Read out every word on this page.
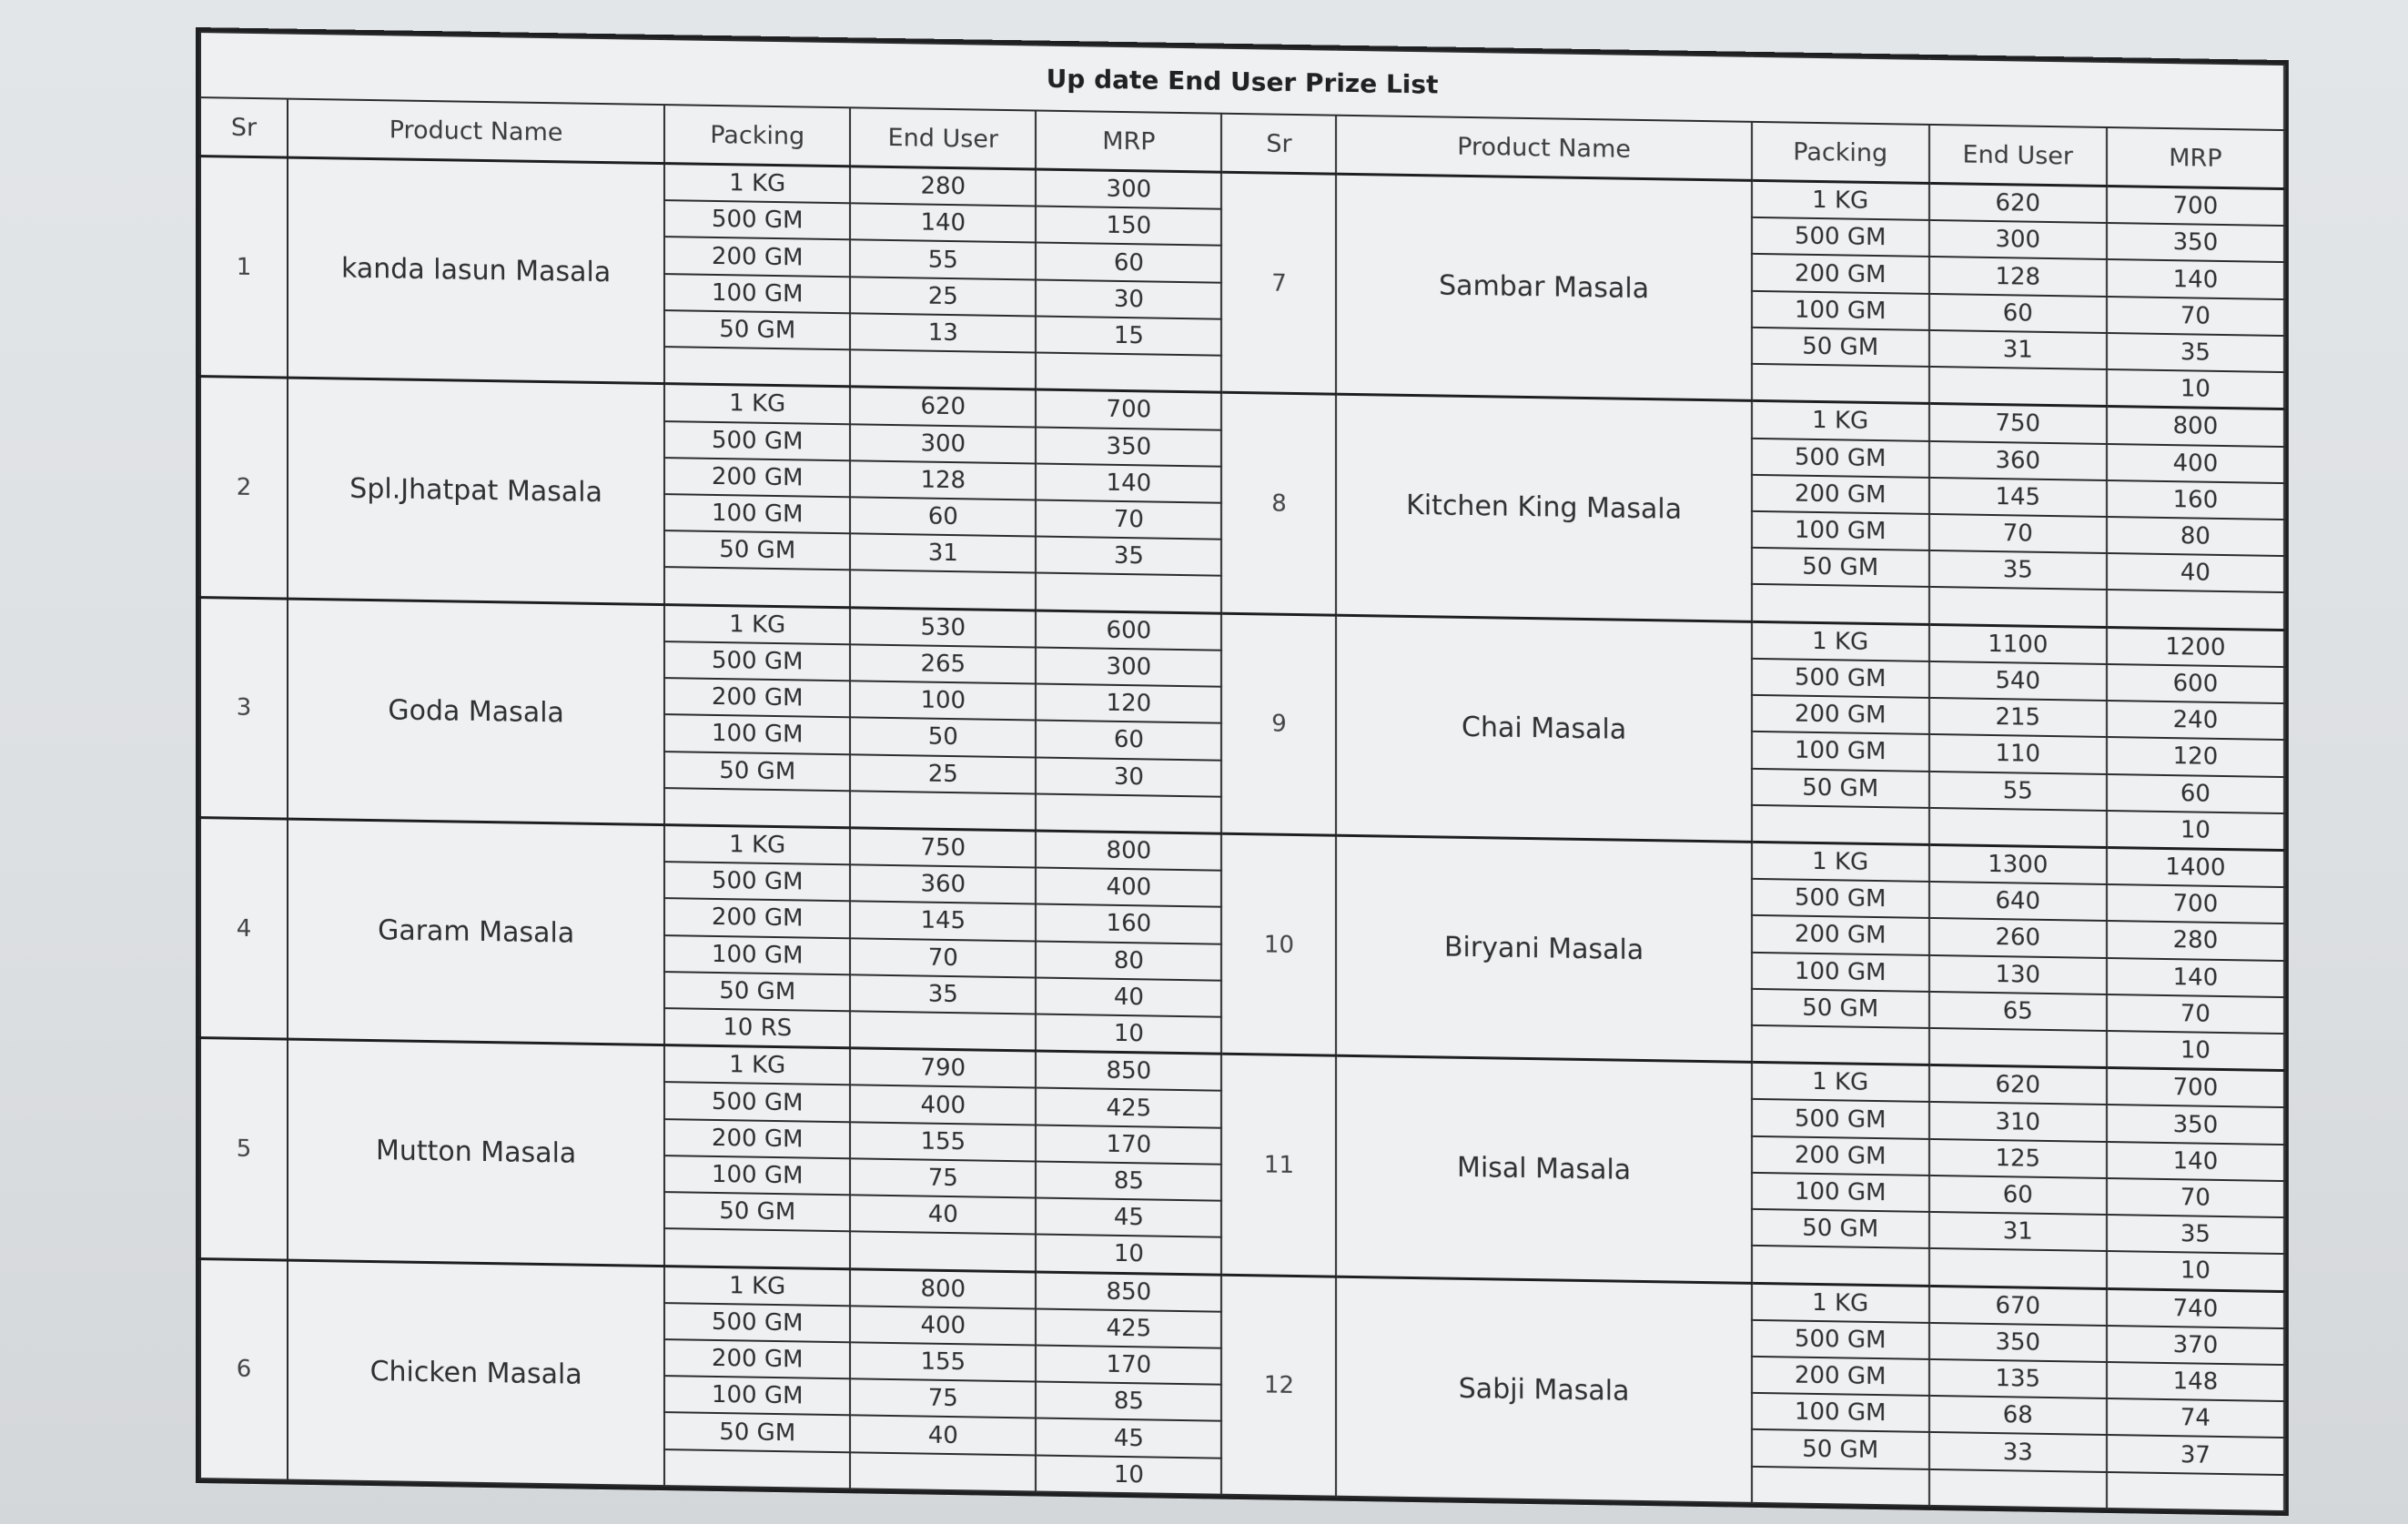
Up date End User Prize List									
Sr	Product Name	Packing	End User	MRP	Sr	Product Name	Packing	End User	MRP
1	kanda lasun Masala	1 KG	280	300	7	Sambar Masala	1 KG	620	700
		500 GM	140	150			500 GM	300	350
		200 GM	55	60			200 GM	128	140
		100 GM	25	30			100 GM	60	70
		50 GM	13	15			50 GM	31	35
									10
2	Spl.Jhatpat Masala	1 KG	620	700	8	Kitchen King Masala	1 KG	750	800
		500 GM	300	350			500 GM	360	400
		200 GM	128	140			200 GM	145	160
		100 GM	60	70			100 GM	70	80
		50 GM	31	35			50 GM	35	40

3	Goda Masala	1 KG	530	600	9	Chai Masala	1 KG	1100	1200
		500 GM	265	300			500 GM	540	600
		200 GM	100	120			200 GM	215	240
		100 GM	50	60			100 GM	110	120
		50 GM	25	30			50 GM	55	60
									10
4	Garam Masala	1 KG	750	800	10	Biryani Masala	1 KG	1300	1400
		500 GM	360	400			500 GM	640	700
		200 GM	145	160			200 GM	260	280
		100 GM	70	80			100 GM	130	140
		50 GM	35	40			50 GM	65	70
		10 RS		10					10
5	Mutton Masala	1 KG	790	850	11	Misal Masala	1 KG	620	700
		500 GM	400	425			500 GM	310	350
		200 GM	155	170			200 GM	125	140
		100 GM	75	85			100 GM	60	70
		50 GM	40	45			50 GM	31	35
				10					10
6	Chicken Masala	1 KG	800	850	12	Sabji Masala	1 KG	670	740
		500 GM	400	425			500 GM	350	370
		200 GM	155	170			200 GM	135	148
		100 GM	75	85			100 GM	68	74
		50 GM	40	45			50 GM	33	37
				10					
